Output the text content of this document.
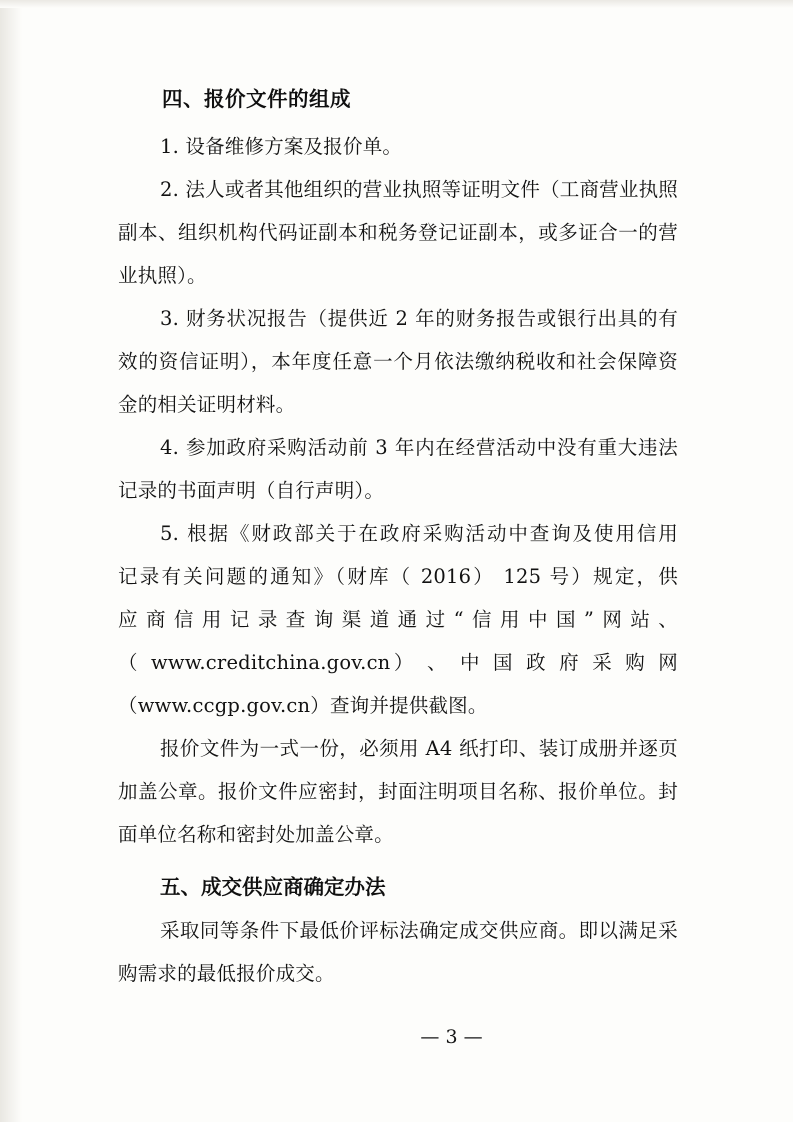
四、报价文件的组成

1. 设备维修方案及报价单。

2. 法人或者其他组织的营业执照等证明文件（工商营业执照副本、组织机构代码证副本和税务登记证副本，或多证合一的营业执照）。

3. 财务状况报告（提供近 2 年的财务报告或银行出具的有效的资信证明），本年度任意一个月依法缴纳税收和社会保障资金的相关证明材料。

4. 参加政府采购活动前 3 年内在经营活动中没有重大违法记录的书面声明（自行声明）。

5. 根据《财政部关于在政府采购活动中查询及使用信用

记录有关问题的通知》（财库（ 2016） 125 号）规定，供

应商信用记录查询渠道通过“信用中国”网站、

（ www.creditchina.gov.cn） 、 中 国 政 府 采 购 网

（www.ccgp.gov.cn）查询并提供截图。

报价文件为一式一份，必须用 A4 纸打印、装订成册并逐页加盖公章。报价文件应密封，封面注明项目名称、报价单位。封面单位名称和密封处加盖公章。

五、成交供应商确定办法

采取同等条件下最低价评标法确定成交供应商。即以满足采购需求的最低报价成交。

— 3 —
